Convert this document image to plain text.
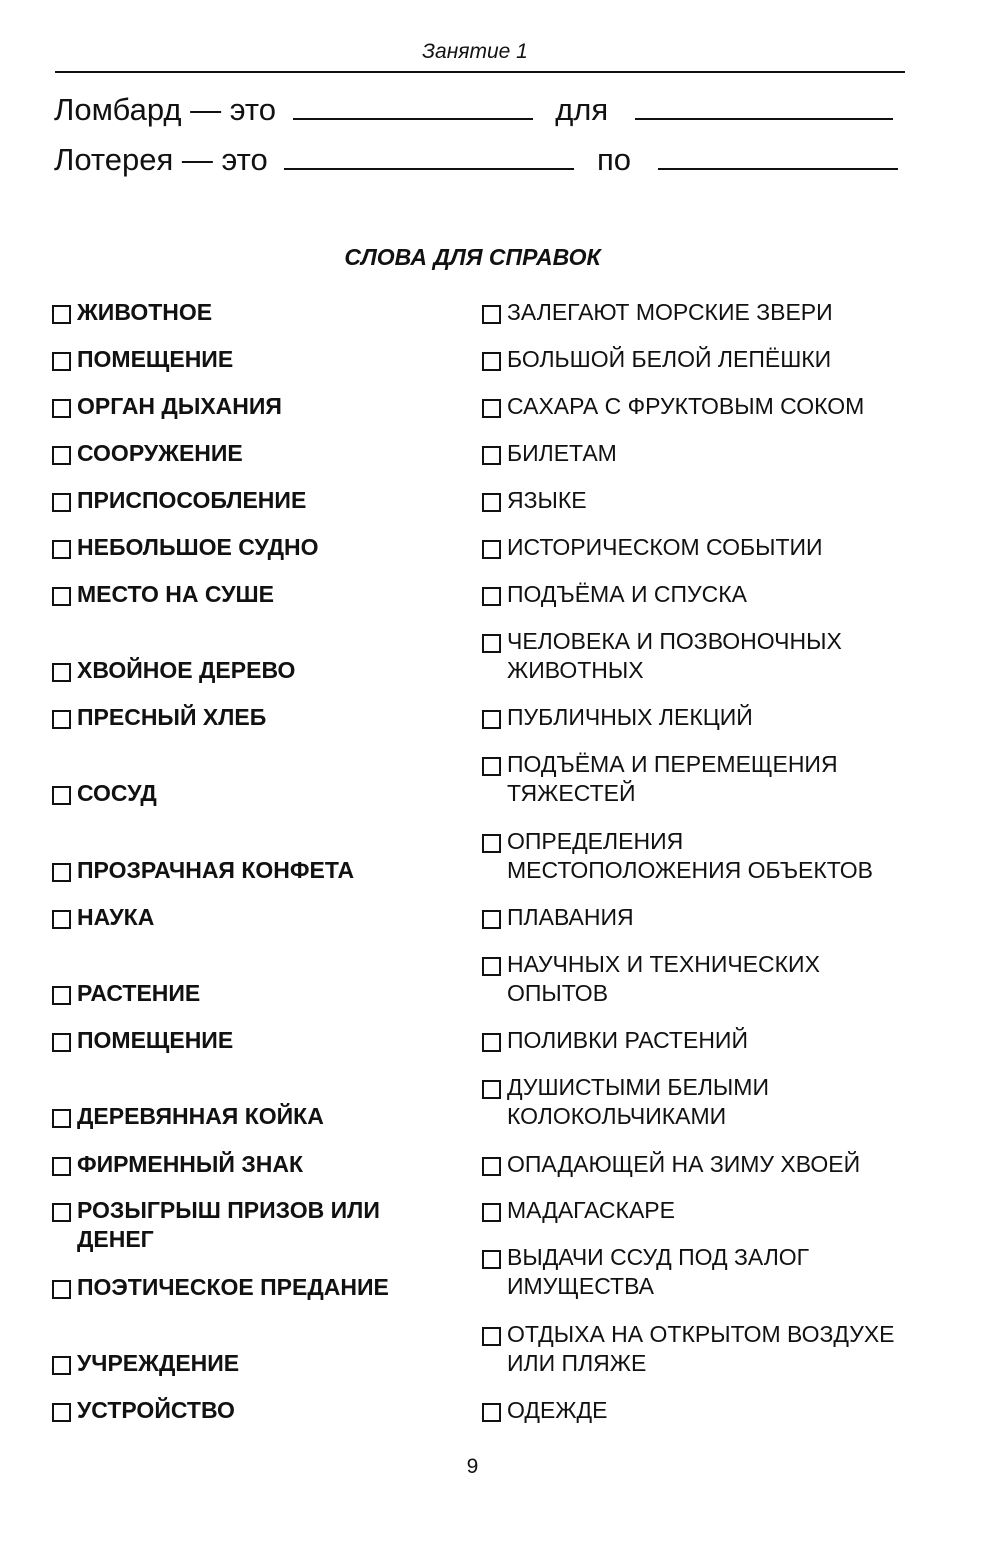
Занятие 1
Ломбард — это	для
Лотерея — это	по
СЛОВА ДЛЯ СПРАВОК
ЖИВОТНОЕ
ПОМЕЩЕНИЕ
ОРГАН ДЫХАНИЯ
СООРУЖЕНИЕ
ПРИСПОСОБЛЕНИЕ
НЕБОЛЬШОЕ СУДНО
МЕСТО НА СУШЕ
ХВОЙНОЕ ДЕРЕВО
ПРЕСНЫЙ ХЛЕБ
СОСУД
ПРОЗРАЧНАЯ КОНФЕТА
НАУКА
РАСТЕНИЕ
ПОМЕЩЕНИЕ
ДЕРЕВЯННАЯ КОЙКА
ФИРМЕННЫЙ ЗНАК
РОЗЫГРЫШ ПРИЗОВ ИЛИ ДЕНЕГ
ПОЭТИЧЕСКОЕ ПРЕДАНИЕ
УЧРЕЖДЕНИЕ
УСТРОЙСТВО
ЗАЛЕГАЮТ МОРСКИЕ ЗВЕРИ
БОЛЬШОЙ БЕЛОЙ ЛЕПЁШКИ
САХАРА С ФРУКТОВЫМ СОКОМ
БИЛЕТАМ
ЯЗЫКЕ
ИСТОРИЧЕСКОМ СОБЫТИИ
ПОДЪЁМА И СПУСКА
ЧЕЛОВЕКА И ПОЗВОНОЧНЫХ ЖИВОТНЫХ
ПУБЛИЧНЫХ ЛЕКЦИЙ
ПОДЪЁМА И ПЕРЕМЕЩЕНИЯ ТЯЖЕСТЕЙ
ОПРЕДЕЛЕНИЯ МЕСТОПОЛОЖЕНИЯ ОБЪЕКТОВ
ПЛАВАНИЯ
НАУЧНЫХ И ТЕХНИЧЕСКИХ ОПЫТОВ
ПОЛИВКИ РАСТЕНИЙ
ДУШИСТЫМИ БЕЛЫМИ КОЛОКОЛЬЧИКАМИ
ОПАДАЮЩЕЙ НА ЗИМУ ХВОЕЙ
МАДАГАСКАРЕ
ВЫДАЧИ ССУД ПОД ЗАЛОГ ИМУЩЕСТВА
ОТДЫХА НА ОТКРЫТОМ ВОЗДУХЕ ИЛИ ПЛЯЖЕ
ОДЕЖДЕ
9
